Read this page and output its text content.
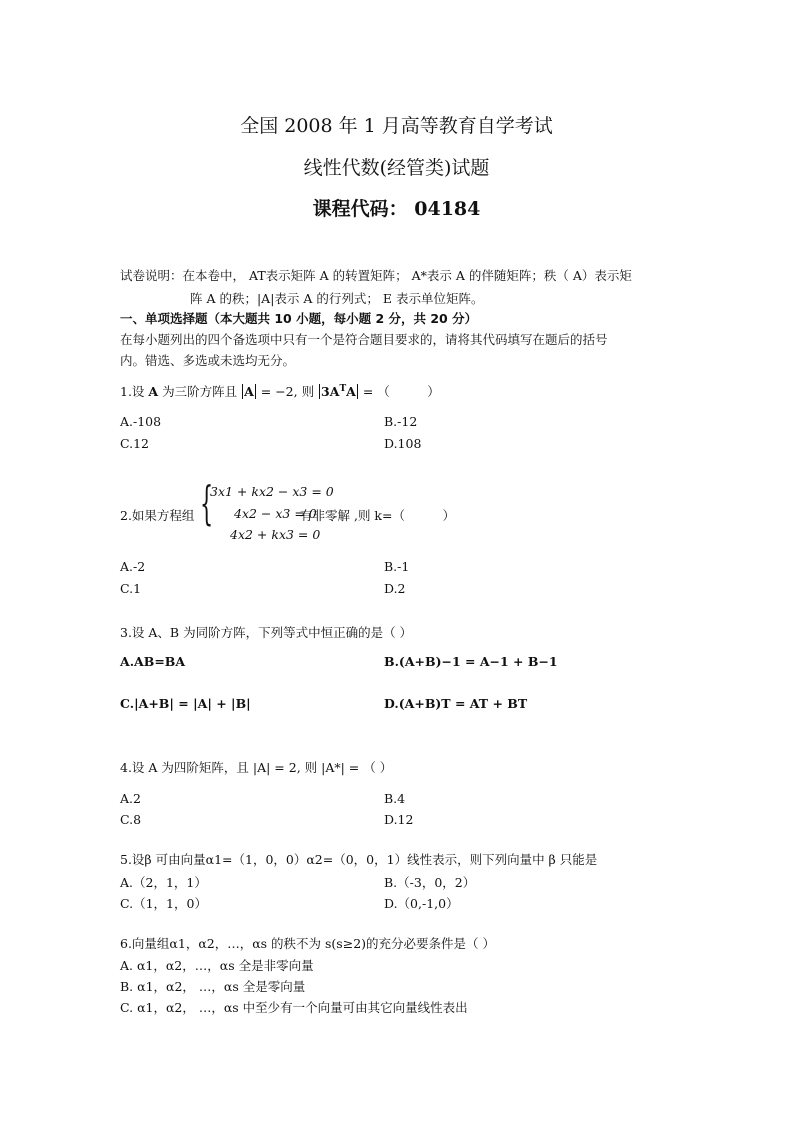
全国 2008 年 1 月高等教育自学考试
线性代数(经管类)试题
课程代码： 04184
试卷说明：在本卷中， AT表示矩阵 A 的转置矩阵； A*表示 A 的伴随矩阵；秩（ A）表示矩
阵 A 的秩；|A|表示 A 的行列式； E 表示单位矩阵。
一、单项选择题（本大题共 10 小题，每小题 2 分，共 20 分）
在每小题列出的四个备选项中只有一个是符合题目要求的，请将其代码填写在题后的括号
内。错选、多选或未选均无分。
1.设 A 为三阶方阵且 A = −2, 则 $3A^TA$ = （　　　）
A.-108	B.-12
C.12	D.108
2.如果方程组 {
3x1 + kx2 − x3 = 0
4x2 − x3 = 0
4x2 + kx3 = 0
有非零解 ,则 k=（　　　）
A.-2	B.-1
C.1	D.2
3.设 A、B 为同阶方阵，下列等式中恒正确的是（ ）
A.AB=BA	B.(A+B)−1 = A−1 + B−1
C.|A+B| = |A| + |B|	D.(A+B)T = AT + BT
4.设 A 为四阶矩阵，且 |A| = 2, 则 |A*| = （ ）
A.2	B.4
C.8	D.12
5.设β 可由向量α1=（1，0，0）α2=（0，0，1）线性表示，则下列向量中 β 只能是
A.（2，1，1）	B.（-3，0，2）
C.（1，1，0）	D.（0,-1,0）
6.向量组α1，α2，…，αs 的秩不为 s(s≥2)的充分必要条件是（ ）
A. α1，α2，…，αs 全是非零向量
B. α1，α2， …，αs 全是零向量
C. α1，α2， …，αs 中至少有一个向量可由其它向量线性表出
